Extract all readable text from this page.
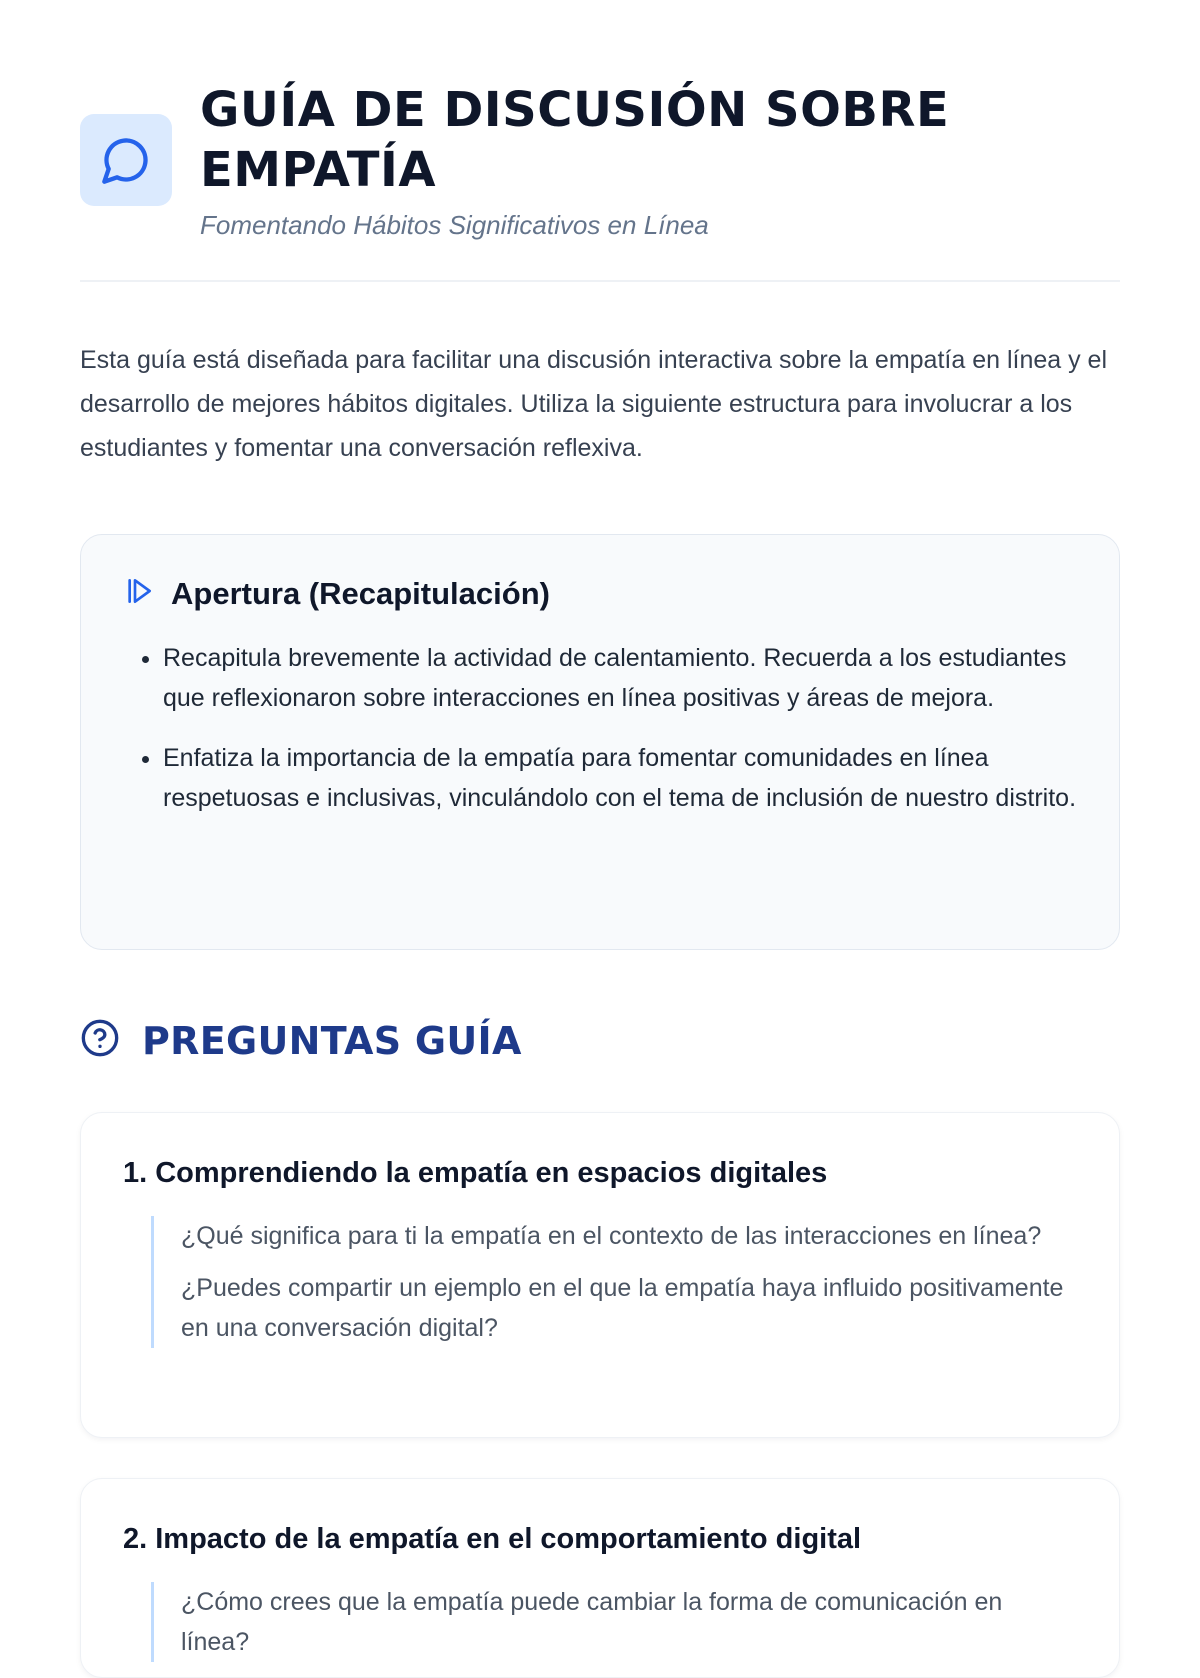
GUÍA DE DISCUSIÓN SOBRE EMPATÍA
Fomentando Hábitos Significativos en Línea

Esta guía está diseñada para facilitar una discusión interactiva sobre la empatía en línea y el desarrollo de mejores hábitos digitales. Utiliza la siguiente estructura para involucrar a los estudiantes y fomentar una conversación reflexiva.

Apertura (Recapitulación)
• Recapitula brevemente la actividad de calentamiento. Recuerda a los estudiantes que reflexionaron sobre interacciones en línea positivas y áreas de mejora.
• Enfatiza la importancia de la empatía para fomentar comunidades en línea respetuosas e inclusivas, vinculándolo con el tema de inclusión de nuestro distrito.
PREGUNTAS GUÍA
1. Comprendiendo la empatía en espacios digitales

¿Qué significa para ti la empatía en el contexto de las interacciones en línea?

¿Puedes compartir un ejemplo en el que la empatía haya influido positivamente en una conversación digital?

2. Impacto de la empatía en el comportamiento digital

¿Cómo crees que la empatía puede cambiar la forma de comunicación en línea?
